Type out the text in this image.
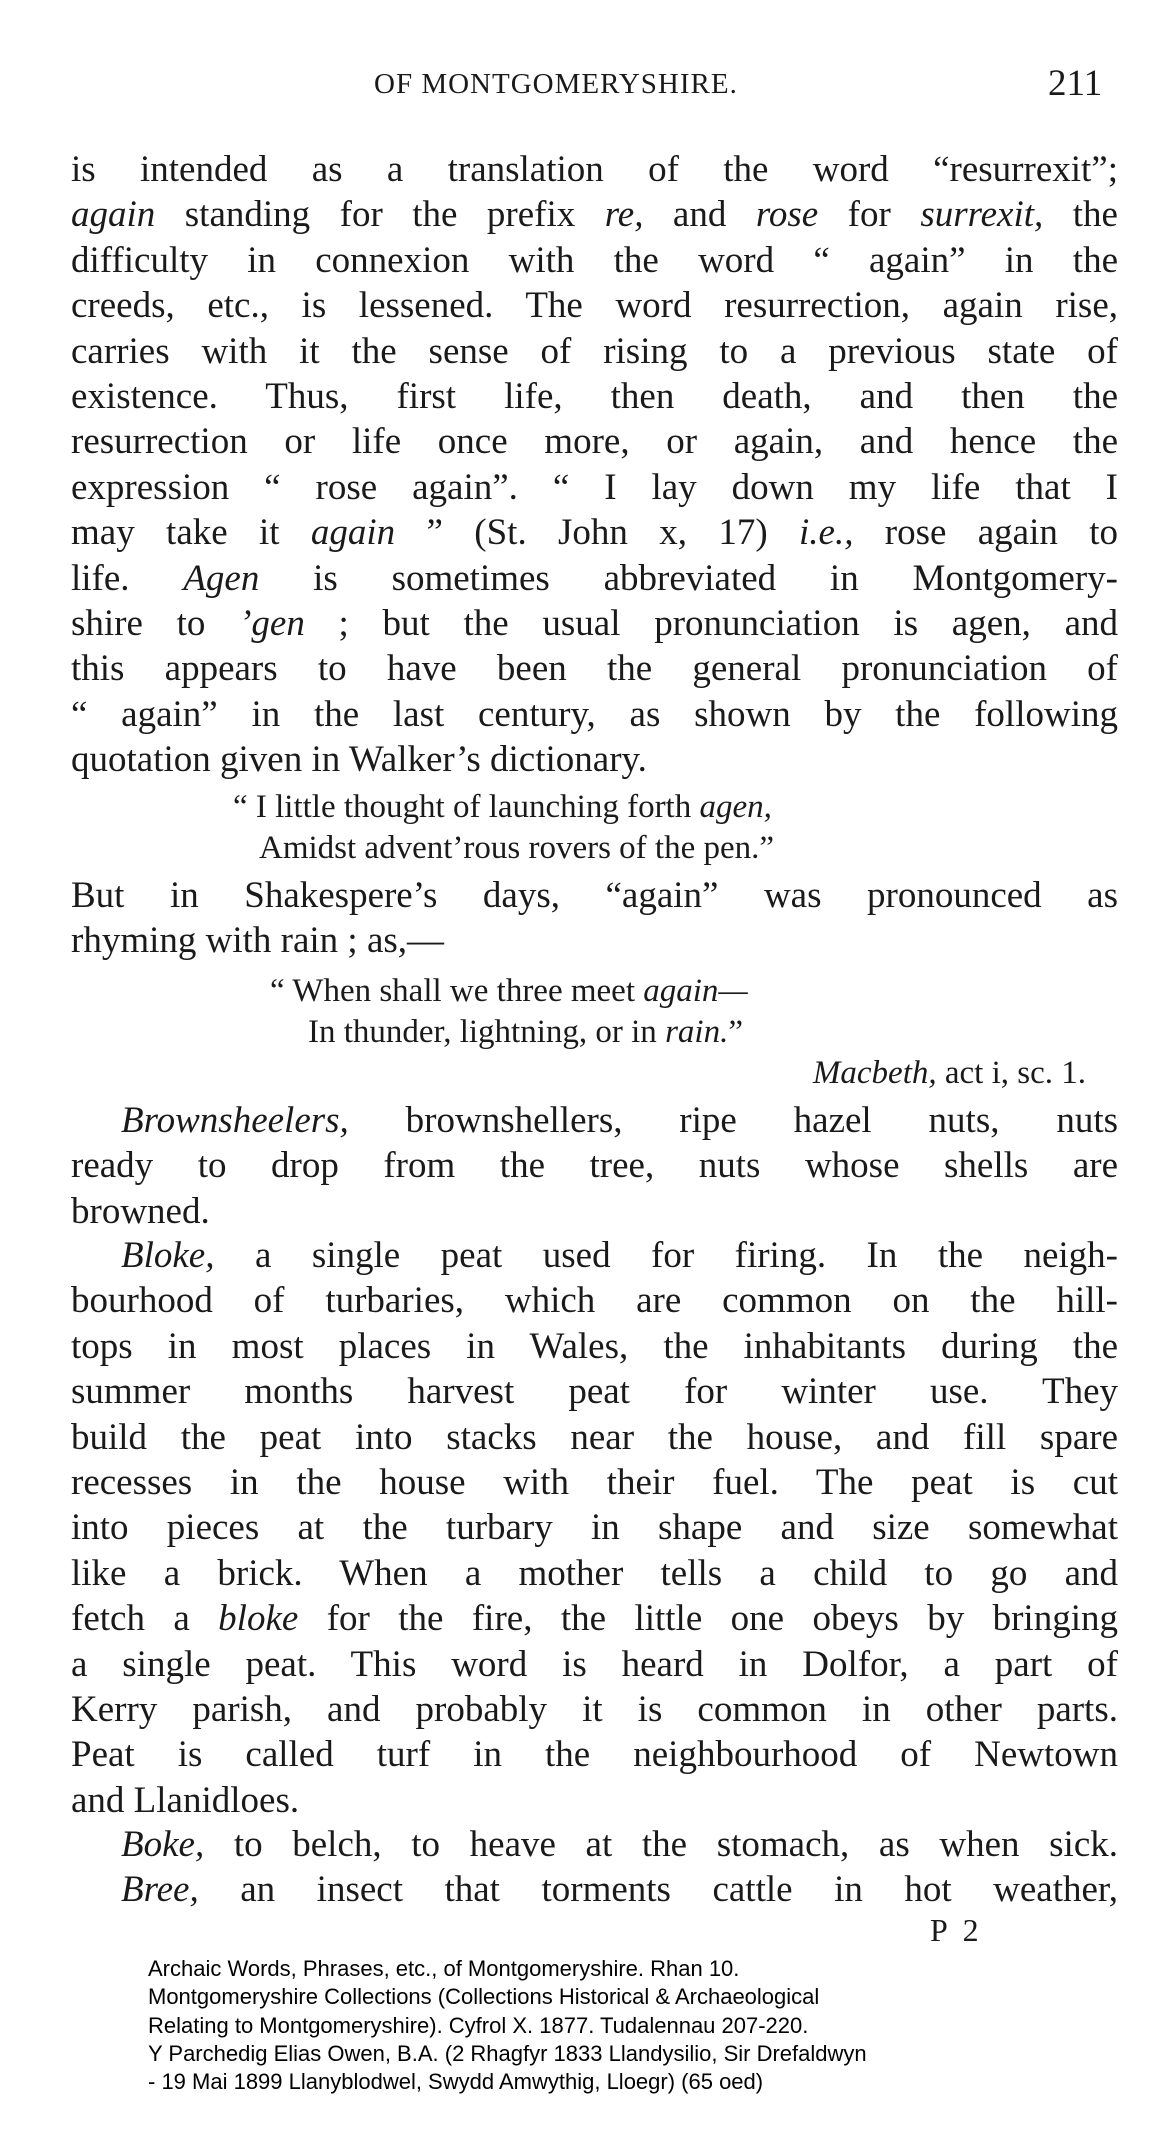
OF MONTGOMERYSHIRE.	211
is intended as a translation of the word “resurrexit”;
again standing for the prefix re, and rose for surrexit, the
difficulty in connexion with the word “ again” in the
creeds, etc., is lessened. The word resurrection, again rise,
carries with it the sense of rising to a previous state of
existence. Thus, first life, then death, and then the
resurrection or life once more, or again, and hence the
expression “ rose again”. “ I lay down my life that I
may take it again ” (St. John x, 17) i.e., rose again to
life. Agen is sometimes abbreviated in Montgomery-
shire to ’gen ; but the usual pronunciation is agen, and
this appears to have been the general pronunciation of
“ again” in the last century, as shown by the following
quotation given in Walker’s dictionary.
“ I little thought of launching forth agen,
Amidst advent’rous rovers of the pen.”
But in Shakespere’s days, “again” was pronounced as
rhyming with rain ; as,—
“ When shall we three meet again—
In thunder, lightning, or in rain.”
Macbeth, act i, sc. 1.
Brownsheelers, brownshellers, ripe hazel nuts, nuts
ready to drop from the tree, nuts whose shells are
browned.
Bloke, a single peat used for firing. In the neigh-
bourhood of turbaries, which are common on the hill-
tops in most places in Wales, the inhabitants during the
summer months harvest peat for winter use. They
build the peat into stacks near the house, and fill spare
recesses in the house with their fuel. The peat is cut
into pieces at the turbary in shape and size somewhat
like a brick. When a mother tells a child to go and
fetch a bloke for the fire, the little one obeys by bringing
a single peat. This word is heard in Dolfor, a part of
Kerry parish, and probably it is common in other parts.
Peat is called turf in the neighbourhood of Newtown
and Llanidloes.
Boke, to belch, to heave at the stomach, as when sick.
Bree, an insect that torments cattle in hot weather,
P 2
Archaic Words, Phrases, etc., of Montgomeryshire. Rhan 10.
Montgomeryshire Collections (Collections Historical & Archaeological
Relating to Montgomeryshire). Cyfrol X. 1877. Tudalennau 207-220.
Y Parchedig Elias Owen, B.A. (2 Rhagfyr 1833 Llandysilio, Sir Drefaldwyn
- 19 Mai 1899 Llanyblodwel, Swydd Amwythig, Lloegr) (65 oed)
